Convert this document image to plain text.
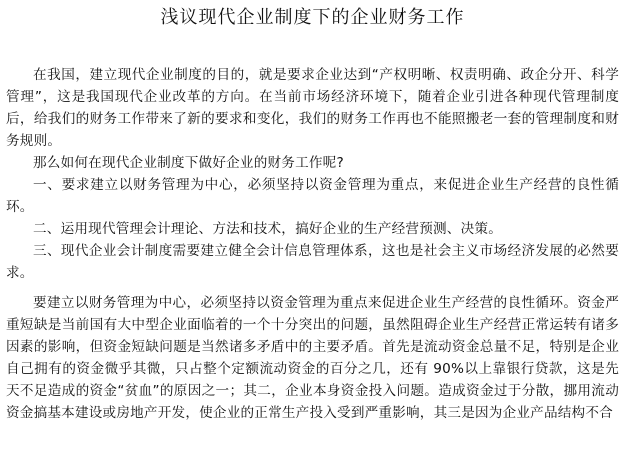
浅议现代企业制度下的企业财务工作

在我国，建立现代企业制度的目的，就是要求企业达到“产权明晰、权责明确、政企分开、科学管理”，这是我国现代企业改革的方向。在当前市场经济环境下，随着企业引进各种现代管理制度后，给我们的财务工作带来了新的要求和变化，我们的财务工作再也不能照搬老一套的管理制度和财务规则。

那么如何在现代企业制度下做好企业的财务工作呢?

一、要求建立以财务管理为中心，必须坚持以资金管理为重点，来促进企业生产经营的良性循环。

二、运用现代管理会计理论、方法和技术，搞好企业的生产经营预测、决策。

三、现代企业会计制度需要建立健全会计信息管理体系，这也是社会主义市场经济发展的必然要求。

要建立以财务管理为中心，必须坚持以资金管理为重点来促进企业生产经营的良性循环。资金严重短缺是当前国有大中型企业面临着的一个十分突出的问题，虽然阻碍企业生产经营正常运转有诸多因素的影响，但资金短缺问题是当然诸多矛盾中的主要矛盾。首先是流动资金总量不足，特别是企业自己拥有的资金微乎其微，只占整个定额流动资金的百分之几，还有 90%以上靠银行贷款，这是先天不足造成的资金“贫血”的原因之一；其二，企业本身资金投入问题。造成资金过于分散，挪用流动资金搞基本建设或房地产开发，使企业的正常生产投入受到严重影响，其三是因为企业产品结构不合
